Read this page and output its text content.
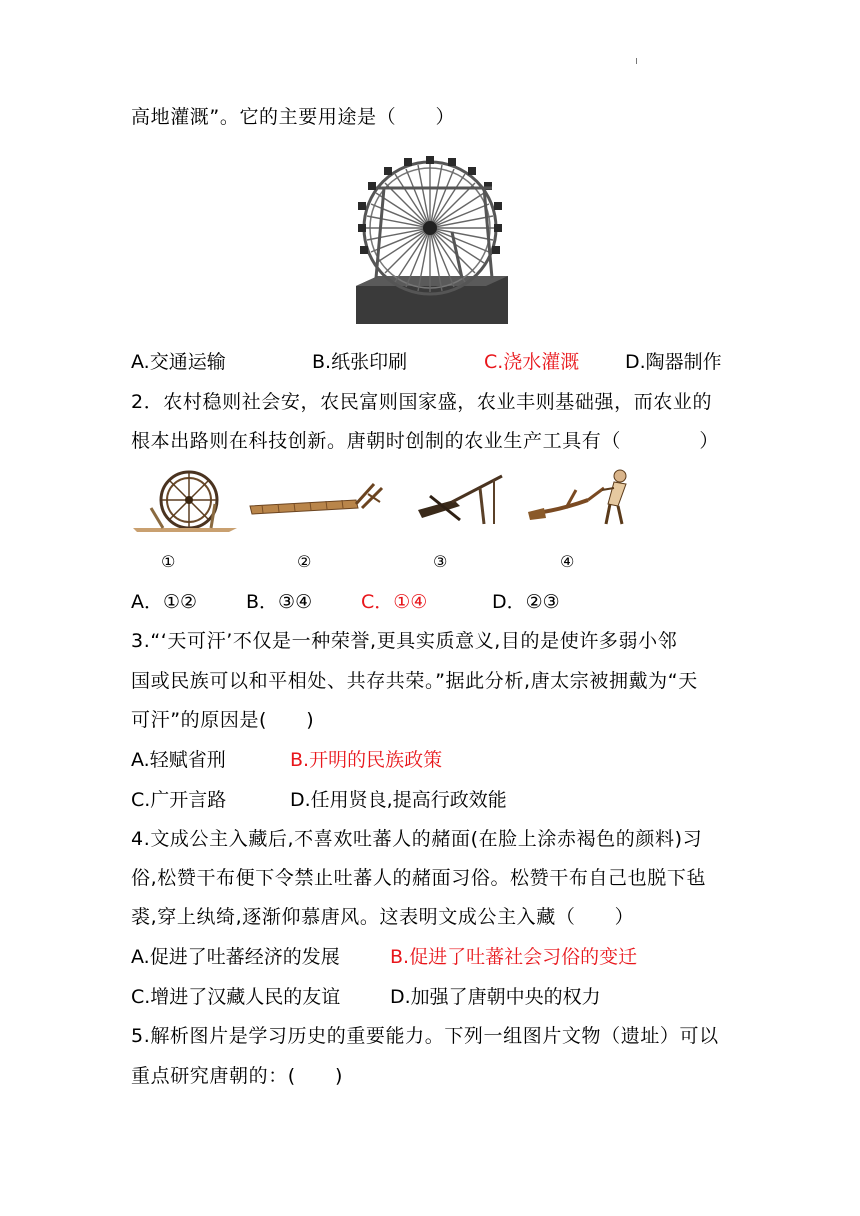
高地灌溉”。它的主要用途是（　　）
A.交通运输	B.纸张印刷	C.浇水灌溉 D.陶器制作
2．农村稳则社会安，农民富则国家盛，农业丰则基础强，而农业的
根本出路则在科技创新。唐朝时创制的农业生产工具有（　　　　）
①	②	③	④
A．①②	B．③④	C．①④	D．②③
3.“‘天可汗’不仅是一种荣誉,更具实质意义,目的是使许多弱小邻
国或民族可以和平相处、共存共荣。”据此分析,唐太宗被拥戴为“天
可汗”的原因是(　　)
A.轻赋省刑	B.开明的民族政策
C.广开言路	D.任用贤良,提高行政效能
4.文成公主入藏后,不喜欢吐蕃人的赭面(在脸上涂赤褐色的颜料)习
俗,松赞干布便下令禁止吐蕃人的赭面习俗。松赞干布自己也脱下毡
裘,穿上纨绮,逐渐仰慕唐风。这表明文成公主入藏（　　）
A.促进了吐蕃经济的发展	B.促进了吐蕃社会习俗的变迁
C.增进了汉藏人民的友谊	D.加强了唐朝中央的权力
5.解析图片是学习历史的重要能力。下列一组图片文物（遗址）可以
重点研究唐朝的：(　　)
